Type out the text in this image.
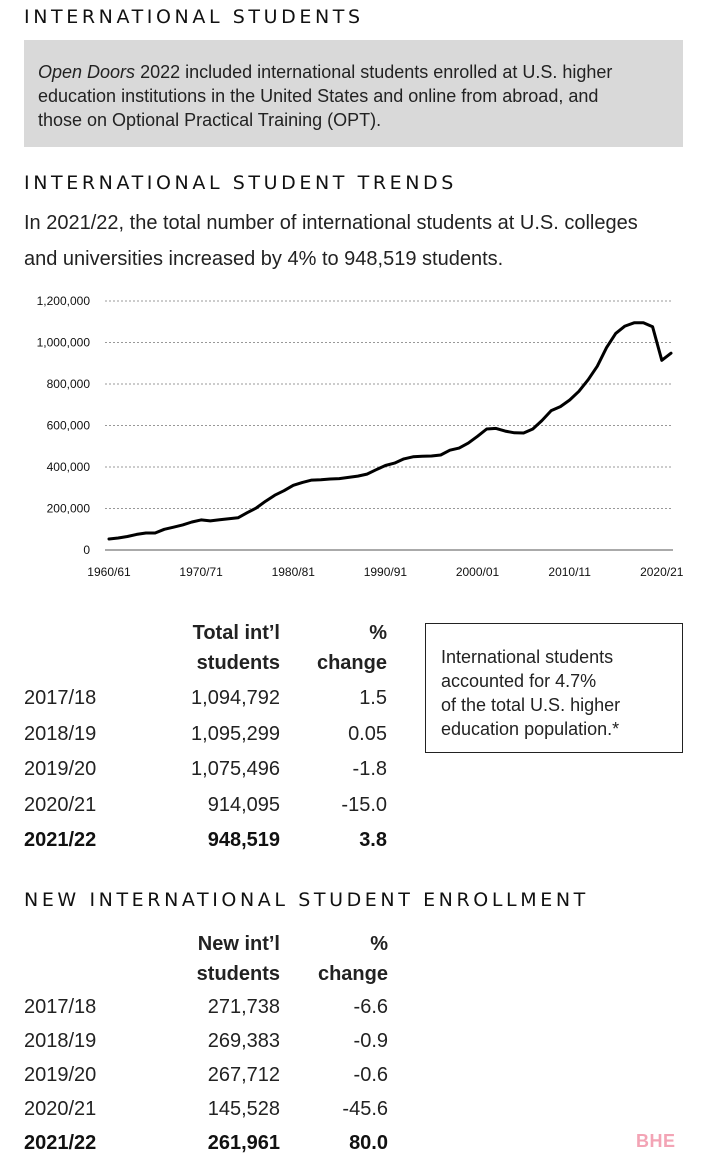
INTERNATIONAL STUDENTS
Open Doors 2022 included international students enrolled at U.S. higher
education institutions in the United States and online from abroad, and
those on Optional Practical Training (OPT).
INTERNATIONAL STUDENT TRENDS

In 2021/22, the total number of international students at U.S. colleges
and universities increased by 4% to 948,519 students.

1,200,000
1,000,000
800,000
600,000
400,000
200,000
0
1960/61	1970/71	1980/81	1990/91	2000/01	2010/11	2020/21
Total int’l
students
%
change
2017/18	1,094,792	1.5
2018/19	1,095,299	0.05
2019/20	1,075,496	-1.8
2020/21	914,095	-15.0
2021/22	948,519	3.8
International students
accounted for 4.7%
of the total U.S. higher
education population.*
NEW INTERNATIONAL STUDENT ENROLLMENT
New int’l
students
%
change
2017/18	271,738	-6.6
2018/19	269,383	-0.9
2019/20	267,712	-0.6
2020/21	145,528	-45.6
2021/22	261,961	80.0	BHE
